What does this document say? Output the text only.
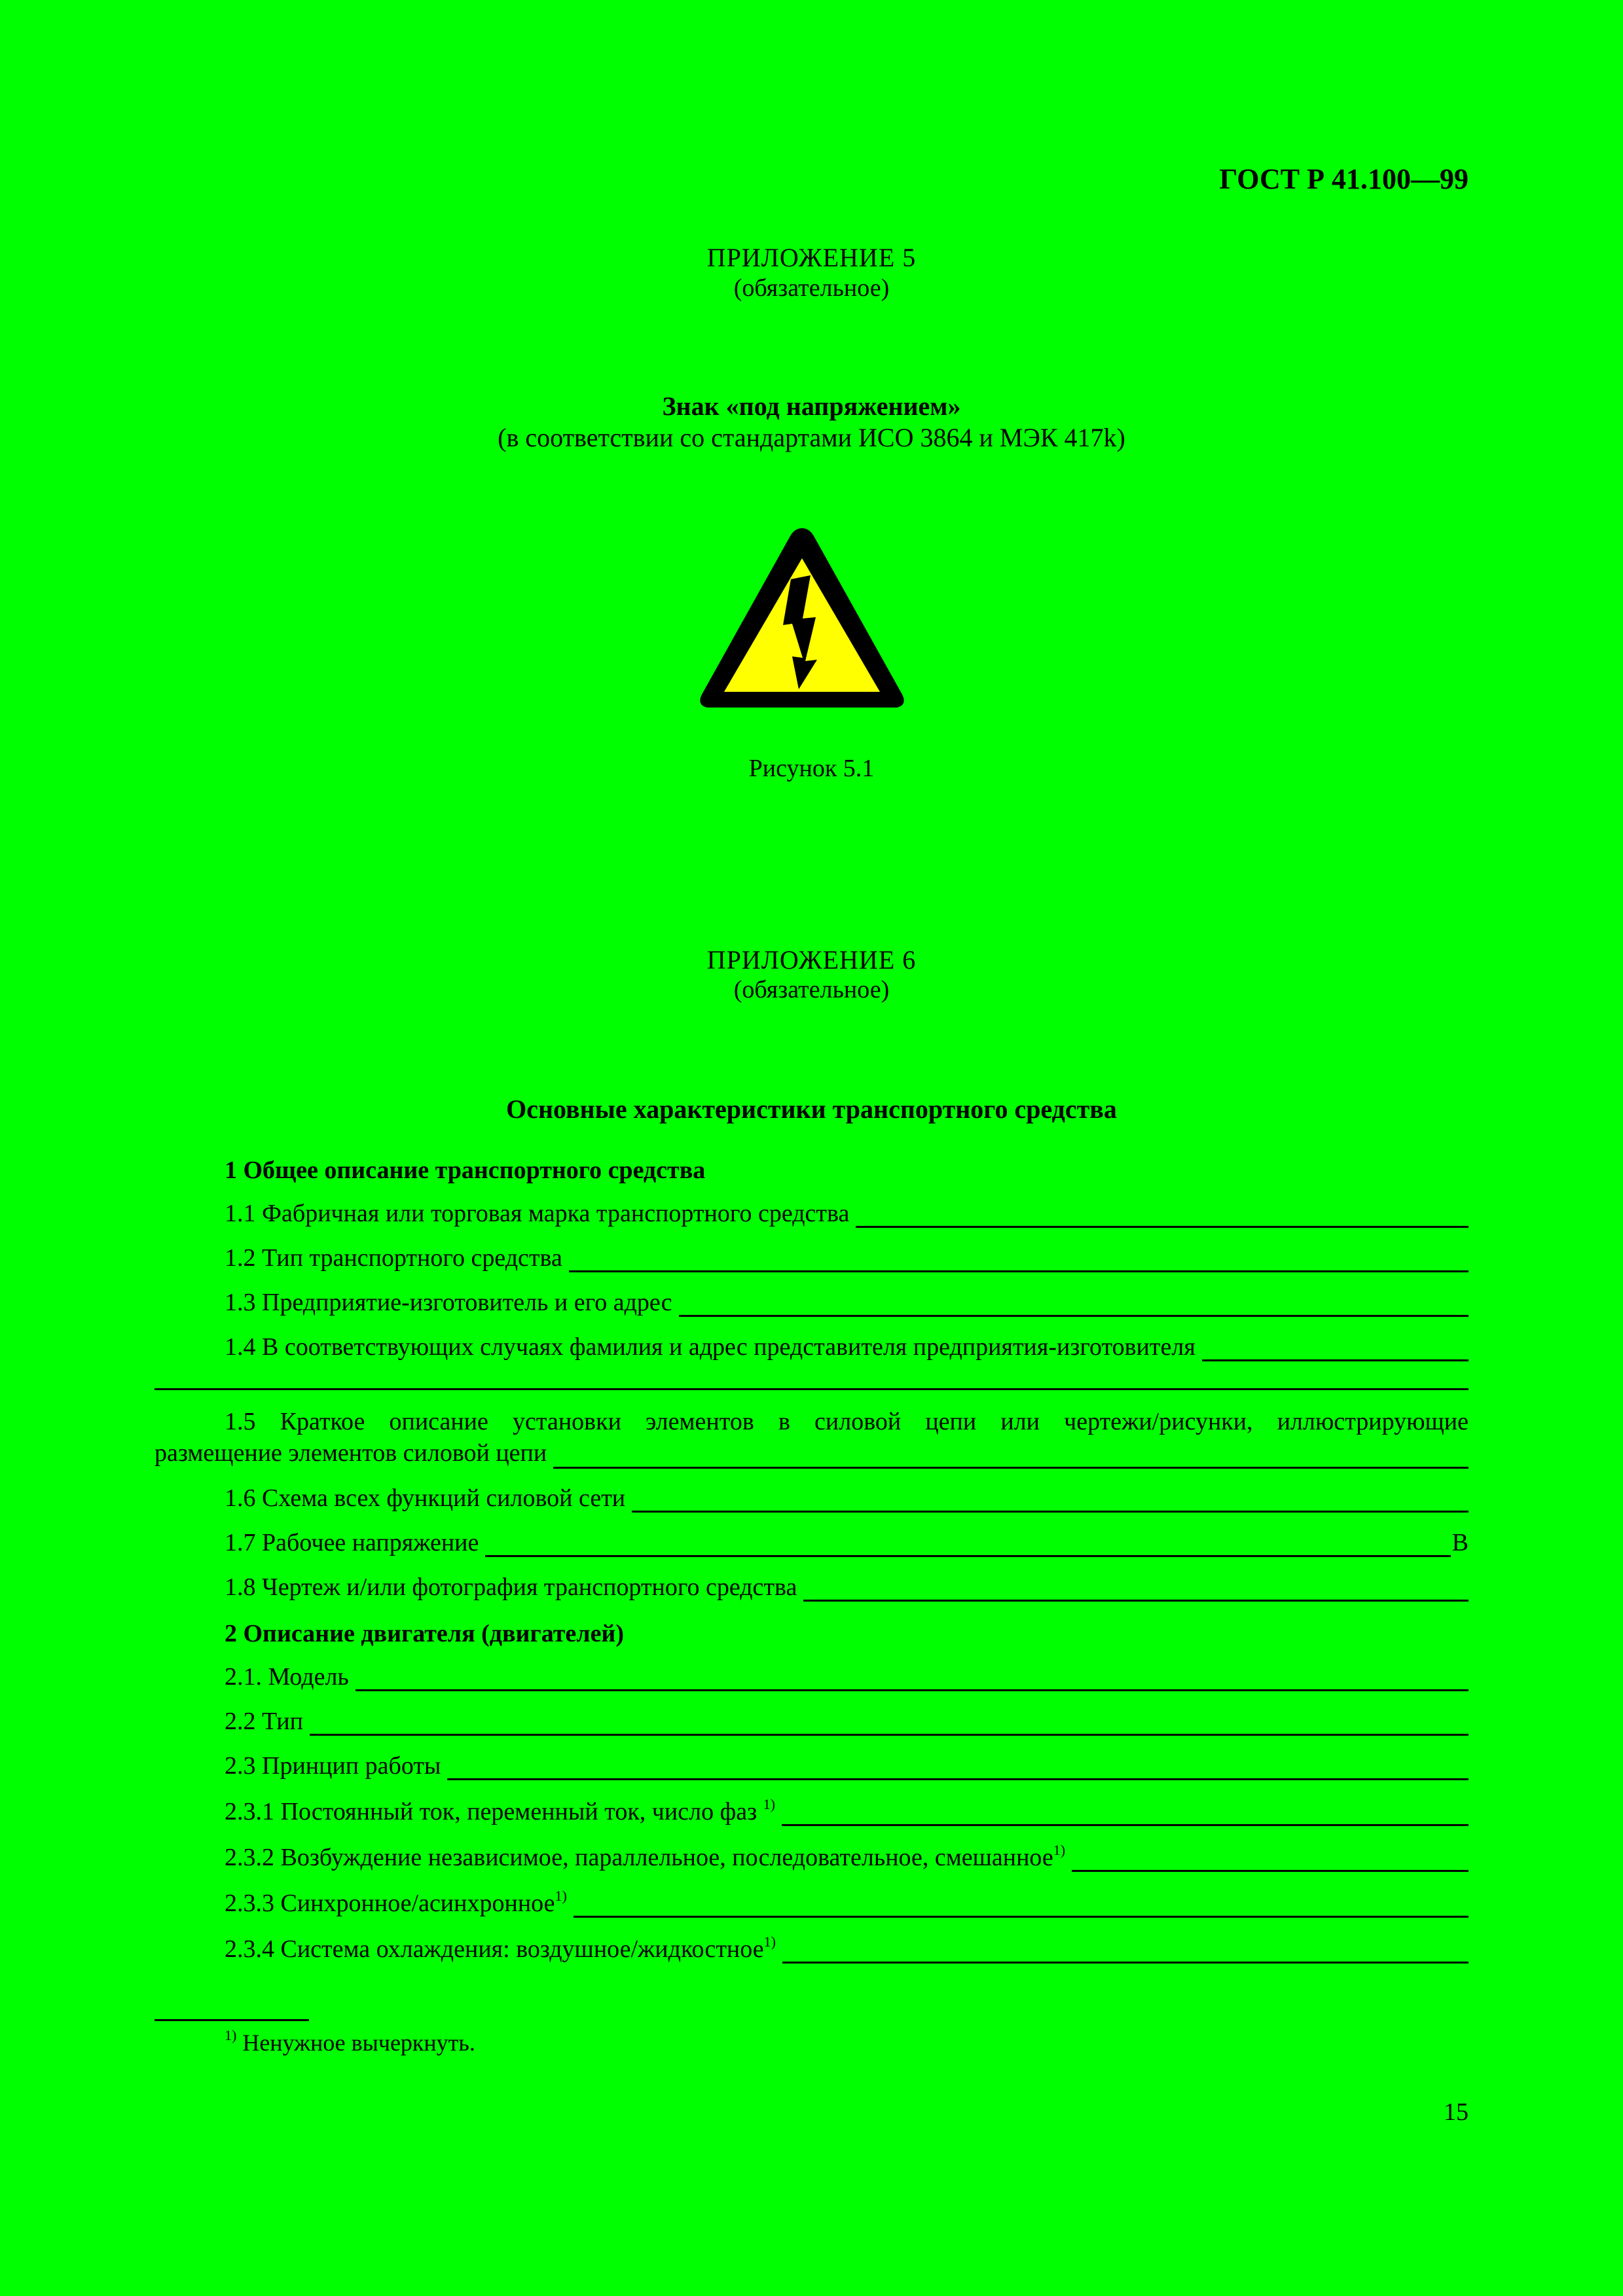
ГОСТ Р 41.100—99
ПРИЛОЖЕНИЕ 5
(обязательное)
Знак «под напряжением»
(в соответствии со стандартами ИСО 3864 и МЭК 417k)
Рисунок 5.1
ПРИЛОЖЕНИЕ 6
(обязательное)
Основные характеристики транспортного средства
1 Общее описание транспортного средства
1.1 Фабричная или торговая марка транспортного средства
1.2 Тип транспортного средства
1.3 Предприятие-изготовитель и его адрес
1.4 В соответствующих случаях фамилия и адрес представителя предприятия-изготовителя
1.5 Краткое описание установки элементов в силовой цепи или чертежи/рисунки, иллюстрирующие
размещение элементов силовой цепи
1.6 Схема всех функций силовой сети
1.7 Рабочее напряжение	В
1.8 Чертеж и/или фотография транспортного средства
2 Описание двигателя (двигателей)
2.1. Модель
2.2 Тип
2.3 Принцип работы
2.3.1 Постоянный ток, переменный ток, число фаз $^{1)}$
2.3.2 Возбуждение независимое, параллельное, последовательное, смешанное$^{1)}$
2.3.3 Синхронное/асинхронное$^{1)}$
2.3.4 Система охлаждения: воздушное/жидкостное$^{1)}$
$^{1)}$ Ненужное вычеркнуть.
15
